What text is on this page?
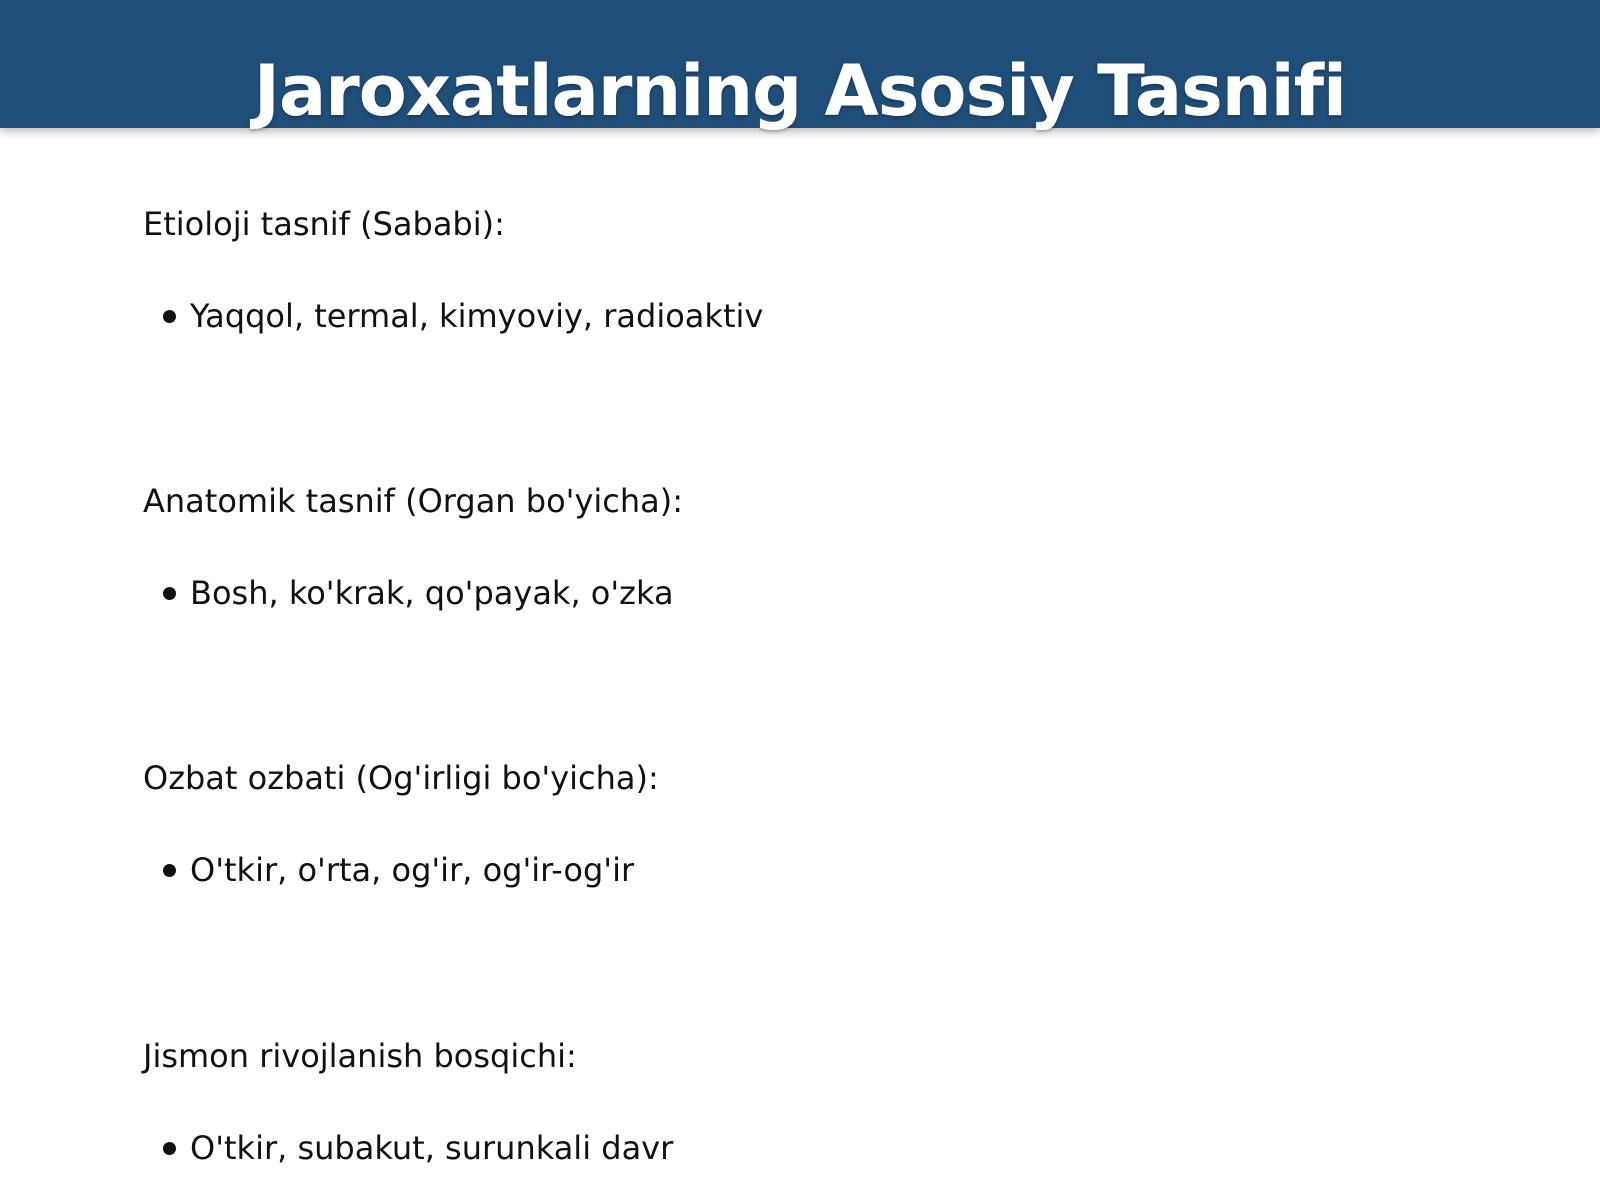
Jaroxatlarning Asosiy Tasnifi

Etioloji tasnif (Sababi):

Yaqqol, termal, kimyoviy, radioaktiv

Anatomik tasnif (Organ bo'yicha):

Bosh, ko'krak, qo'payak, o'zka

Ozbat ozbati (Og'irligi bo'yicha):

O'tkir, o'rta, og'ir, og'ir-og'ir

Jismon rivojlanish bosqichi:

O'tkir, subakut, surunkali davr
